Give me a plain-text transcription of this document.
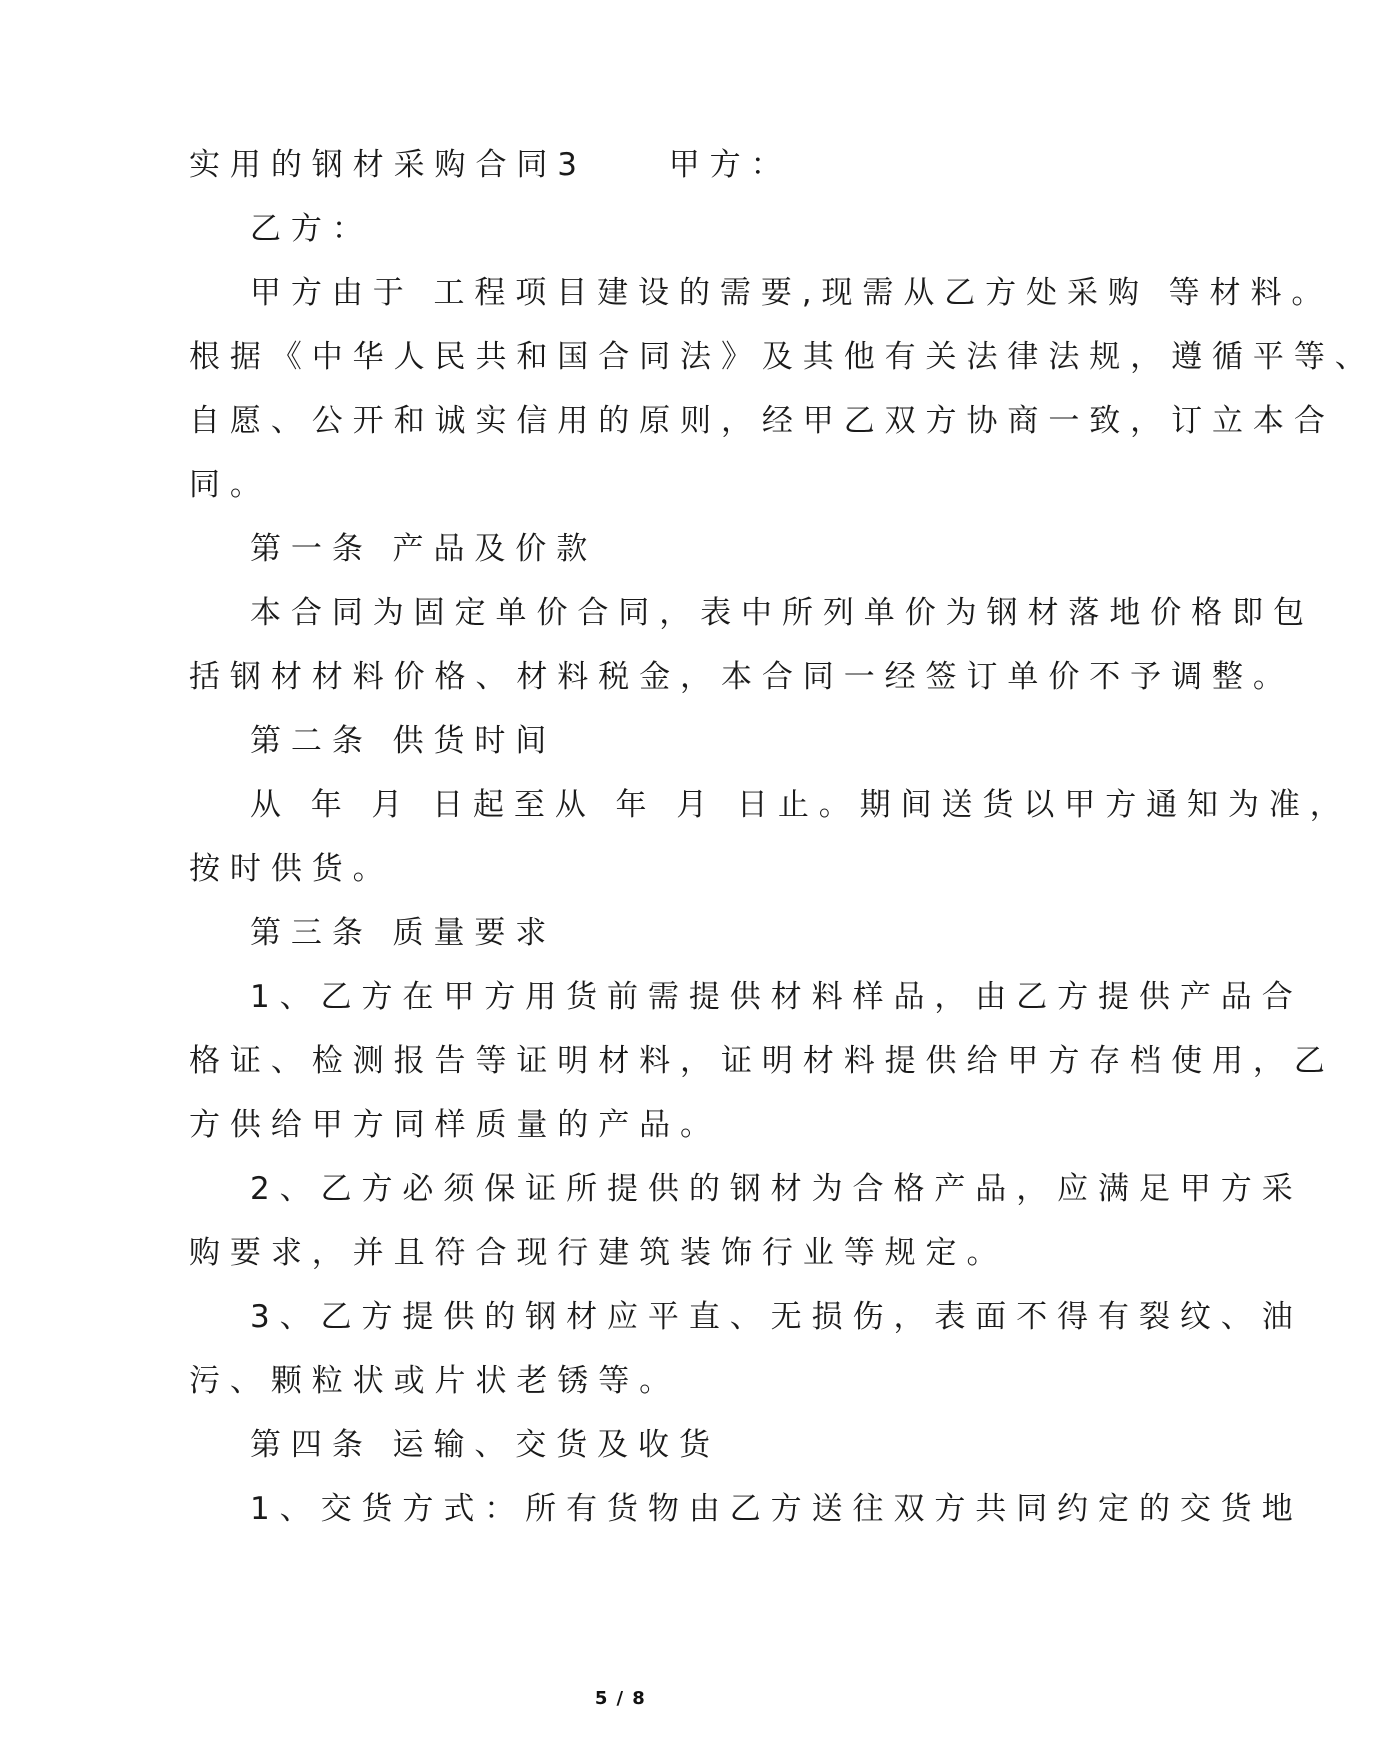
实用的钢材采购合同3　　甲方：

乙方：

甲方由于 工程项目建设的需要,现需从乙方处采购 等材料。

根据《中华人民共和国合同法》及其他有关法律法规，遵循平等、

自愿、公开和诚实信用的原则，经甲乙双方协商一致，订立本合

同。

第一条 产品及价款

本合同为固定单价合同，表中所列单价为钢材落地价格即包

括钢材材料价格、材料税金，本合同一经签订单价不予调整。

第二条 供货时间

从 年 月 日起至从 年 月 日止。期间送货以甲方通知为准，

按时供货。

第三条 质量要求

1、乙方在甲方用货前需提供材料样品，由乙方提供产品合

格证、检测报告等证明材料，证明材料提供给甲方存档使用，乙

方供给甲方同样质量的产品。

2、乙方必须保证所提供的钢材为合格产品，应满足甲方采

购要求，并且符合现行建筑装饰行业等规定。

3、乙方提供的钢材应平直、无损伤，表面不得有裂纹、油

污、颗粒状或片状老锈等。

第四条 运输、交货及收货

1、交货方式：所有货物由乙方送往双方共同约定的交货地

5 / 8
